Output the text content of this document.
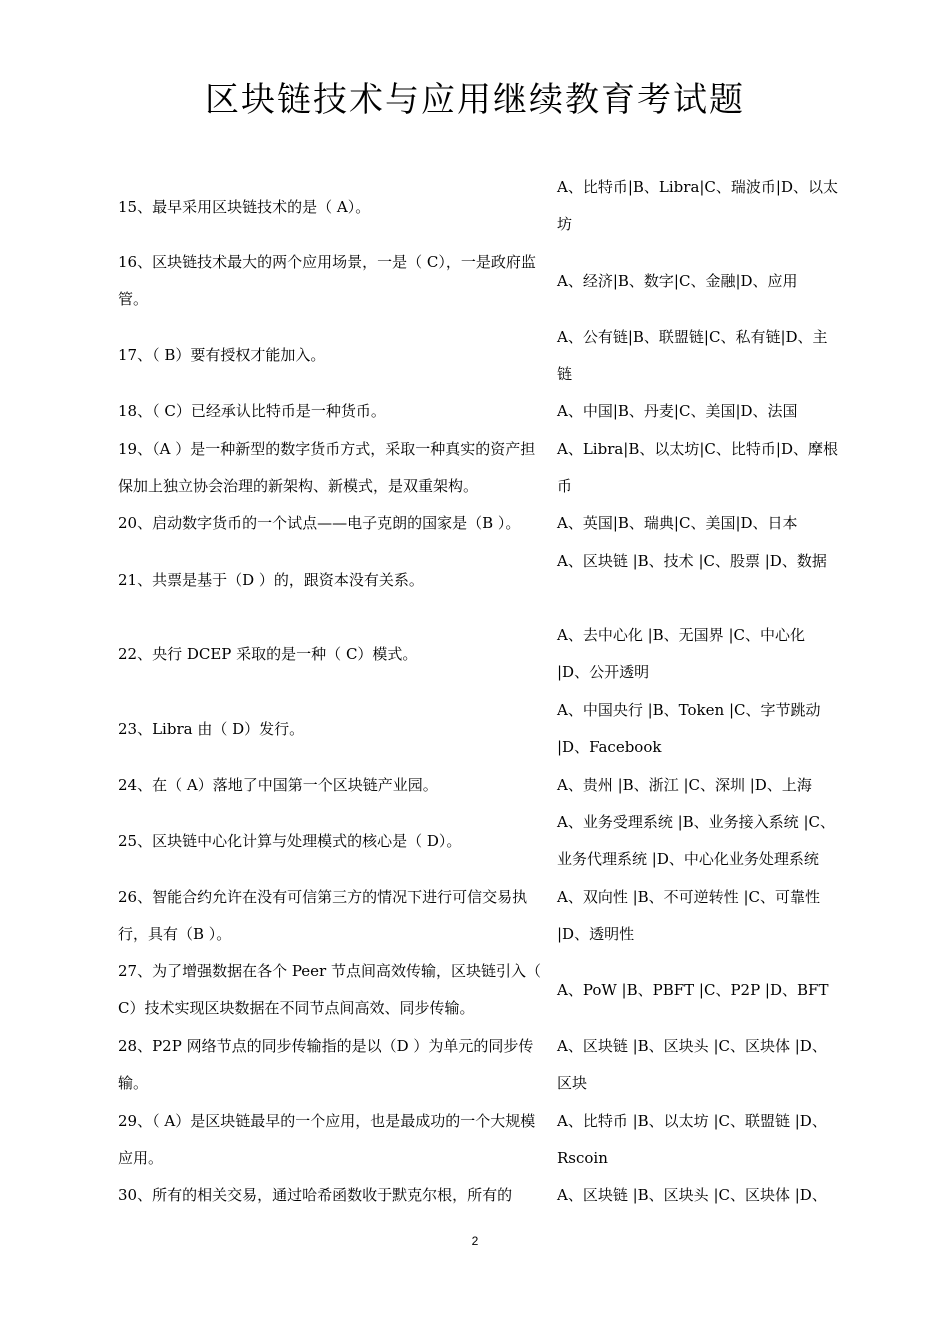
区块链技术与应用继续教育考试题
15、最早采用区块链技术的是（ A）。
A、比特币|B、Libra|C、瑞波币|D、以太坊
16、区块链技术最大的两个应用场景，一是（ C），一是政府监管。
A、经济|B、数字|C、金融|D、应用
17、（ B）要有授权才能加入。
A、公有链|B、联盟链|C、私有链|D、主链
18、（ C）已经承认比特币是一种货币。	A、中国|B、丹麦|C、美国|D、法国
19、（A ）是一种新型的数字货币方式，采取一种真实的资产担保加上独立协会治理的新架构、新模式，是双重架构。
A、Libra|B、以太坊|C、比特币|D、摩根币
20、启动数字货币的一个试点——电子克朗的国家是（B ）。	A、英国|B、瑞典|C、美国|D、日本
21、共票是基于（D ）的，跟资本没有关系。
A、区块链 |B、技术 |C、股票 |D、数据
22、央行 DCEP 采取的是一种（ C）模式。
A、去中心化 |B、无国界 |C、中心化 |D、公开透明
23、Libra 由（ D）发行。
A、中国央行 |B、Token |C、字节跳动 |D、Facebook
24、在（ A）落地了中国第一个区块链产业园。	A、贵州 |B、浙江 |C、深圳 |D、上海
25、区块链中心化计算与处理模式的核心是（ D）。
A、业务受理系统 |B、业务接入系统 |C、业务代理系统 |D、中心化业务处理系统
26、智能合约允许在没有可信第三方的情况下进行可信交易执行，具有（B ）。
A、双向性 |B、不可逆转性 |C、可靠性 |D、透明性
27、为了增强数据在各个 Peer 节点间高效传输，区块链引入（ C）技术实现区块数据在不同节点间高效、同步传输。
A、PoW |B、PBFT |C、P2P |D、BFT
28、P2P 网络节点的同步传输指的是以（D ）为单元的同步传输。
A、区块链 |B、区块头 |C、区块体 |D、区块
29、（ A）是区块链最早的一个应用，也是最成功的一个大规模应用。
A、比特币 |B、以太坊 |C、联盟链 |D、Rscoin
30、所有的相关交易，通过哈希函数收于默克尔根，所有的	A、区块链 |B、区块头 |C、区块体 |D、
2
